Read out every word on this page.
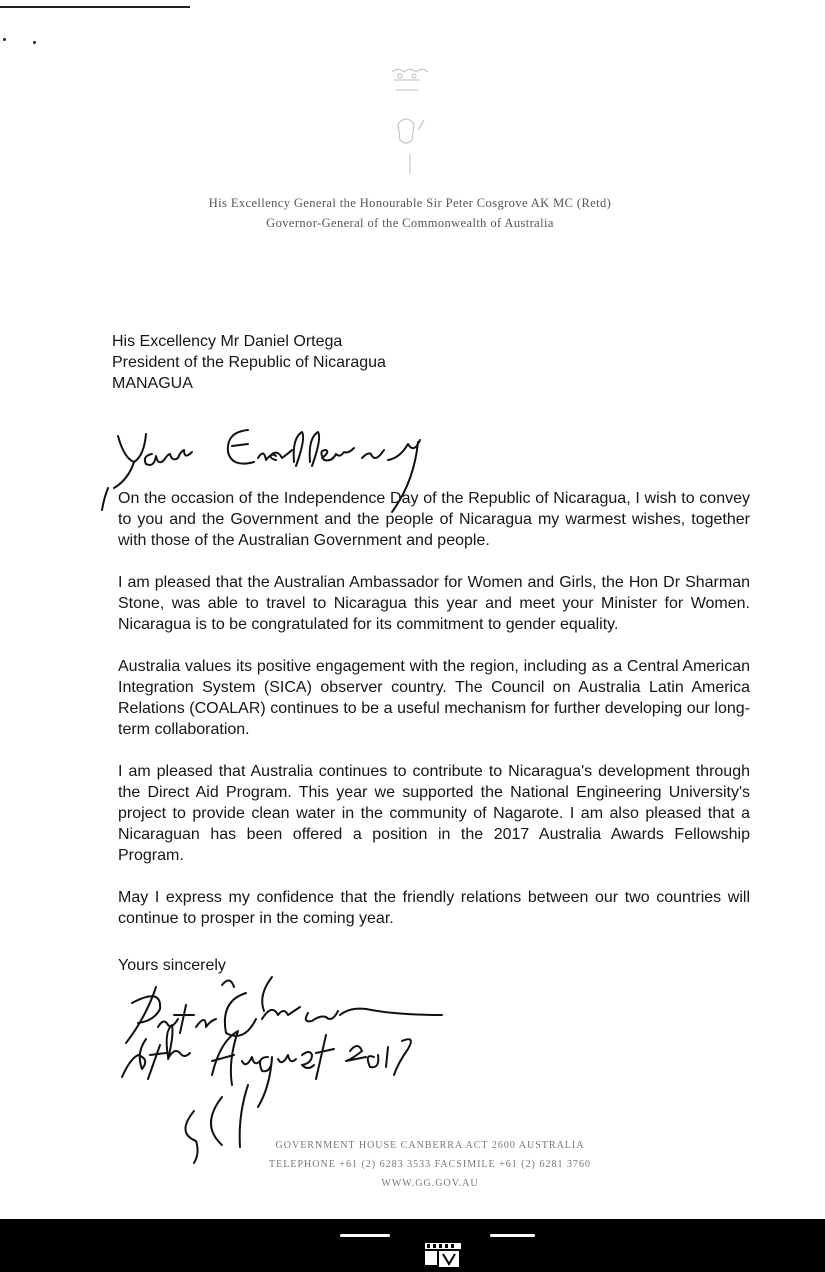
His Excellency General the Honourable Sir Peter Cosgrove AK MC (Retd)
Governor-General of the Commonwealth of Australia
His Excellency Mr Daniel Ortega
President of the Republic of Nicaragua
MANAGUA

On the occasion of the Independence Day of the Republic of Nicaragua, I wish to convey to you and the Government and the people of Nicaragua my warmest wishes, together with those of the Australian Government and people.

I am pleased that the Australian Ambassador for Women and Girls, the Hon Dr Sharman Stone, was able to travel to Nicaragua this year and meet your Minister for Women. Nicaragua is to be congratulated for its commitment to gender equality.

Australia values its positive engagement with the region, including as a Central American Integration System (SICA) observer country. The Council on Australia Latin America Relations (COALAR) continues to be a useful mechanism for further developing our long-term collaboration.

I am pleased that Australia continues to contribute to Nicaragua's development through the Direct Aid Program. This year we supported the National Engineering University's project to provide clean water in the community of Nagarote. I am also pleased that a Nicaraguan has been offered a position in the 2017 Australia Awards Fellowship Program.

May I express my confidence that the friendly relations between our two countries will continue to prosper in the coming year.

Yours sincerely
GOVERNMENT HOUSE CANBERRA ACT 2600 AUSTRALIA
TELEPHONE +61 (2) 6283 3533 FACSIMILE +61 (2) 6281 3760
WWW.GG.GOV.AU
